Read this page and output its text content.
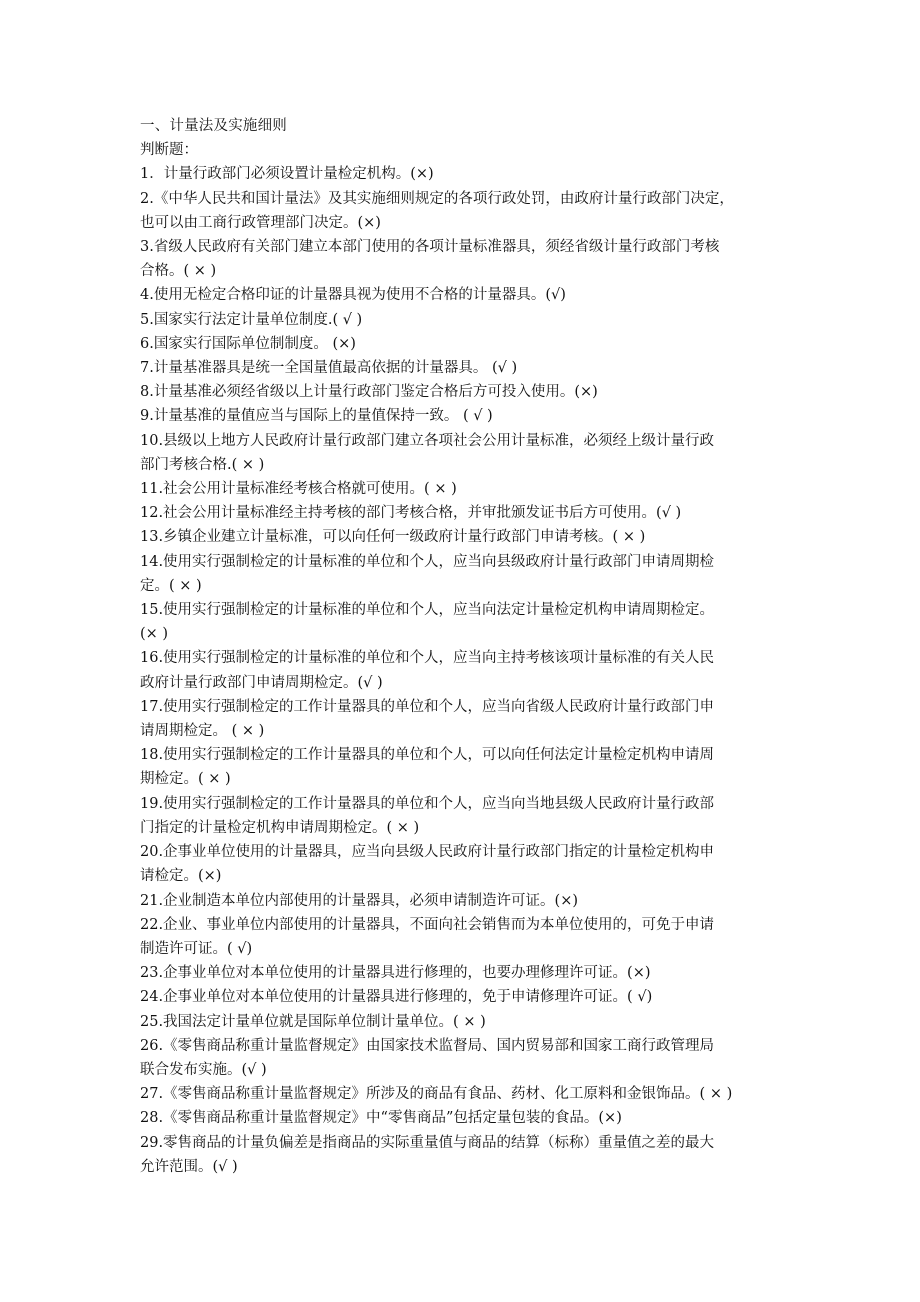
一、计量法及实施细则

判断题：

1．计量行政部门必须设置计量检定机构。(×)

2.《中华人民共和国计量法》及其实施细则规定的各项行政处罚，由政府计量行政部门决定，

也可以由工商行政管理部门决定。(×)

3.省级人民政府有关部门建立本部门使用的各项计量标准器具，须经省级计量行政部门考核

合格。( × )

4.使用无检定合格印证的计量器具视为使用不合格的计量器具。(√)

5.国家实行法定计量单位制度.( √ )

6.国家实行国际单位制制度。 (×)

7.计量基准器具是统一全国量值最高依据的计量器具。 (√ )

8.计量基准必须经省级以上计量行政部门鉴定合格后方可投入使用。(×)

9.计量基准的量值应当与国际上的量值保持一致。 ( √ )

10.县级以上地方人民政府计量行政部门建立各项社会公用计量标准，必须经上级计量行政

部门考核合格.( × )

11.社会公用计量标准经考核合格就可使用。( × )

12.社会公用计量标准经主持考核的部门考核合格，并审批颁发证书后方可使用。(√ )

13.乡镇企业建立计量标准，可以向任何一级政府计量行政部门申请考核。( × )

14.使用实行强制检定的计量标准的单位和个人，应当向县级政府计量行政部门申请周期检

定。( × )

15.使用实行强制检定的计量标准的单位和个人，应当向法定计量检定机构申请周期检定。

(× )

16.使用实行强制检定的计量标准的单位和个人，应当向主持考核该项计量标准的有关人民

政府计量行政部门申请周期检定。(√ )

17.使用实行强制检定的工作计量器具的单位和个人，应当向省级人民政府计量行政部门申

请周期检定。 ( × )

18.使用实行强制检定的工作计量器具的单位和个人，可以向任何法定计量检定机构申请周

期检定。( × )

19.使用实行强制检定的工作计量器具的单位和个人，应当向当地县级人民政府计量行政部

门指定的计量检定机构申请周期检定。( × )

20.企事业单位使用的计量器具，应当向县级人民政府计量行政部门指定的计量检定机构申

请检定。(×)

21.企业制造本单位内部使用的计量器具，必须申请制造许可证。(×)

22.企业、事业单位内部使用的计量器具，不面向社会销售而为本单位使用的，可免于申请

制造许可证。( √)

23.企事业单位对本单位使用的计量器具进行修理的，也要办理修理许可证。(×)

24.企事业单位对本单位使用的计量器具进行修理的，免于申请修理许可证。( √)

25.我国法定计量单位就是国际单位制计量单位。( × )

26.《零售商品称重计量监督规定》由国家技术监督局、国内贸易部和国家工商行政管理局

联合发布实施。(√ )

27.《零售商品称重计量监督规定》所涉及的商品有食品、药材、化工原料和金银饰品。( × )

28.《零售商品称重计量监督规定》中“零售商品”包括定量包装的食品。(×)

29.零售商品的计量负偏差是指商品的实际重量值与商品的结算（标称）重量值之差的最大

允许范围。(√ )
